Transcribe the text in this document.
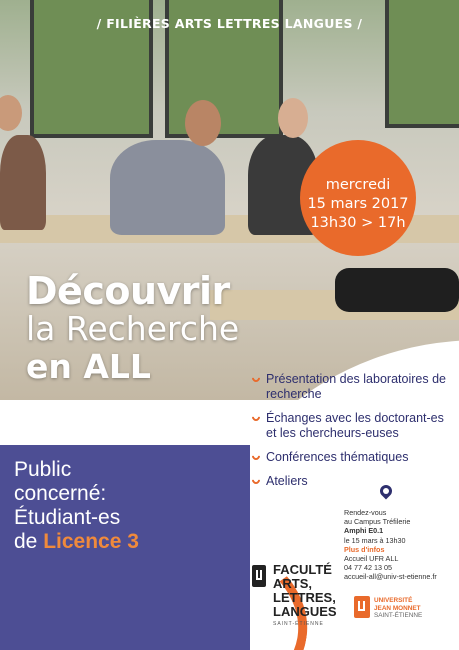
/ FILIÈRES ARTS LETTRES LANGUES /
mercredi
15 mars 2017
13h30 > 17h
Découvrir
la Recherche
en ALL	Présentation des laboratoires de recherche
Échanges avec les doctorant-es et les chercheurs-euses
Conférences thématiques
Ateliers
Public
concerné:
Étudiant-es
de Licence 3
Rendez-vous
au Campus Tréfilerie
Amphi E0.1
le 15 mars à 13h30
Plus d'infos
Accueil UFR ALL
04 77 42 13 05
accueil-all@univ-st-etienne.fr
FACULTÉ
ARTS,
LETTRES,
LANGUES
SAINT-ÉTIENNE
UNIVERSITÉ
JEAN MONNET
SAINT-ÉTIENNE
